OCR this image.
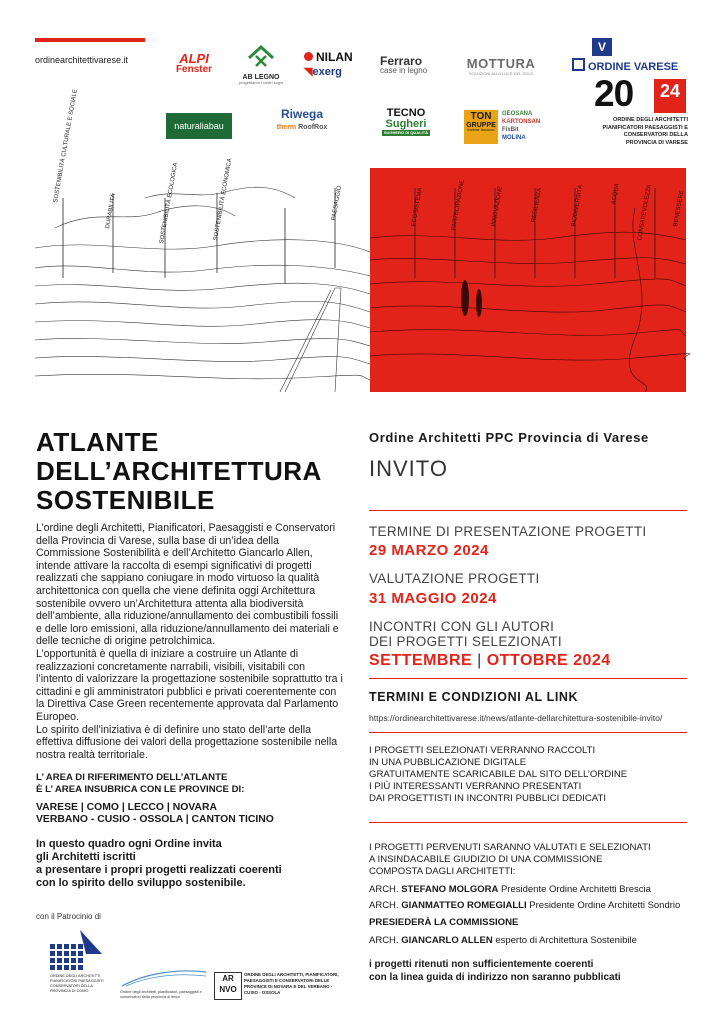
ordinearchitettivarese.it	ALPI
Fenster
AB LEGNO
progettiamo i vostri sogni
NILAN
◥exerg
Ferraro
case in legno	MOTTURA
SOLUZIONI ALLA LUCE DEL SOLE
naturaliabau
Riwega
therm RoofRox
TECNO
Sugheri
SUGHERO DI QUALITÀ
TON
GRUPPE
Insieme facciamo
GEOSANA
KARTONSAN
FixBit
MOLINA
V
ORDINE VARESE
20	24
ORDINE DEGLI ARCHITETTI PIANIFICATORI PAESAGGISTI E CONSERVATORI DELLA PROVINCIA DI VARESE
SOSTENIBILITÀ CULTURALE E SOCIALE
DURABILITÀ	SOSTENIBILITÀ ECOLOGICA	SOSTENIBILITÀ ECONOMICA	PAESAGGIO	ECOSISTEMA	PARTECIPAZIONE	INNOVAZIONE	RESILIENZA	BIODIVERSITÀ	ACQUA	CONSAPEVOLEZZA	BENESSERE
ATLANTE
DELL’ARCHITETTURA
SOSTENIBILE

L’ordine degli Architetti, Pianificatori, Paesaggisti e Conservatori della Provincia di Varese, sulla base di un’idea della Commissione Sostenibilità e dell’Architetto Giancarlo Allen, intende attivare la raccolta di esempi significativi di progetti realizzati che sappiano coniugare in modo virtuoso la qualità architettonica con quella che viene definita oggi Architettura sostenibile ovvero un’Architettura attenta alla biodiversità dell’ambiente, alla riduzione/annullamento dei combustibili fossili e delle loro emissioni, alla riduzione/annullamento dei materiali e delle tecniche di origine petrolchimica.

L’opportunità è quella di iniziare a costruire un Atlante di realizzazioni concretamente narrabili, visibili, visitabili con l’intento di valorizzare la progettazione sostenibile soprattutto tra i cittadini e gli amministratori pubblici e privati coerentemente con la Direttiva Case Green recentemente approvata dal Parlamento Europeo.

Lo spirito dell’iniziativa è di definire uno stato dell’arte della effettiva diffusione dei valori della progettazione sostenibile nella nostra realtà territoriale.

L’ AREA DI RIFERIMENTO DELL’ATLANTE
È L’ AREA INSUBRICA CON LE PROVINCE DI:
VARESE | COMO | LECCO | NOVARA
VERBANO - CUSIO - OSSOLA | CANTON TICINO
In questo quadro ogni Ordine invita
gli Architetti iscritti
a presentare i propri progetti realizzati coerenti
con lo spirito dello sviluppo sostenibile.
con il Patrocinio di
ORDINE DEGLI ARCHITETTI PIANIFICATORI PAESAGGISTI CONSERVATORI DELLA PROVINCIA DI COMO	Ordine degli architetti, pianificatori, paesaggisti e conservatori della provincia di lecco
AR
NVO
ORDINE DEGLI ARCHITETTI, PIANIFICATORI, PAESAGGISTI E CONSERVATORI DELLE PROVINCE DI NOVARA E DEL VERBANO - CUSIO - OSSOLA
Ordine Architetti PPC Provincia di Varese
INVITO
TERMINE DI PRESENTAZIONE PROGETTI
29 MARZO 2024
VALUTAZIONE PROGETTI
31 MAGGIO 2024
INCONTRI CON GLI AUTORI
DEI PROGETTI SELEZIONATI
SETTEMBRE | OTTOBRE 2024
TERMINI E CONDIZIONI AL LINK
https://ordinearchitettivarese.it/news/atlante-dellarchitettura-sostenibile-invito/
I PROGETTI SELEZIONATI VERRANNO RACCOLTI
IN UNA PUBBLICAZIONE DIGITALE
GRATUITAMENTE SCARICABILE DAL SITO DELL’ORDINE
I PIÙ INTERESSANTI VERRANNO PRESENTATI
DAI PROGETTISTI IN INCONTRI PUBBLICI DEDICATI
I PROGETTI PERVENUTI SARANNO VALUTATI E SELEZIONATI
A INSINDACABILE GIUDIZIO DI UNA COMMISSIONE
COMPOSTA DAGLI ARCHITETTI:
ARCH. STEFANO MOLGORA Presidente Ordine Architetti Brescia
ARCH. GIANMATTEO ROMEGIALLI Presidente Ordine Architetti Sondrio
PRESIEDERÀ LA COMMISSIONE
ARCH. GIANCARLO ALLEN esperto di Architettura Sostenibile
i progetti ritenuti non sufficientemente coerenti
con la linea guida di indirizzo non saranno pubblicati
